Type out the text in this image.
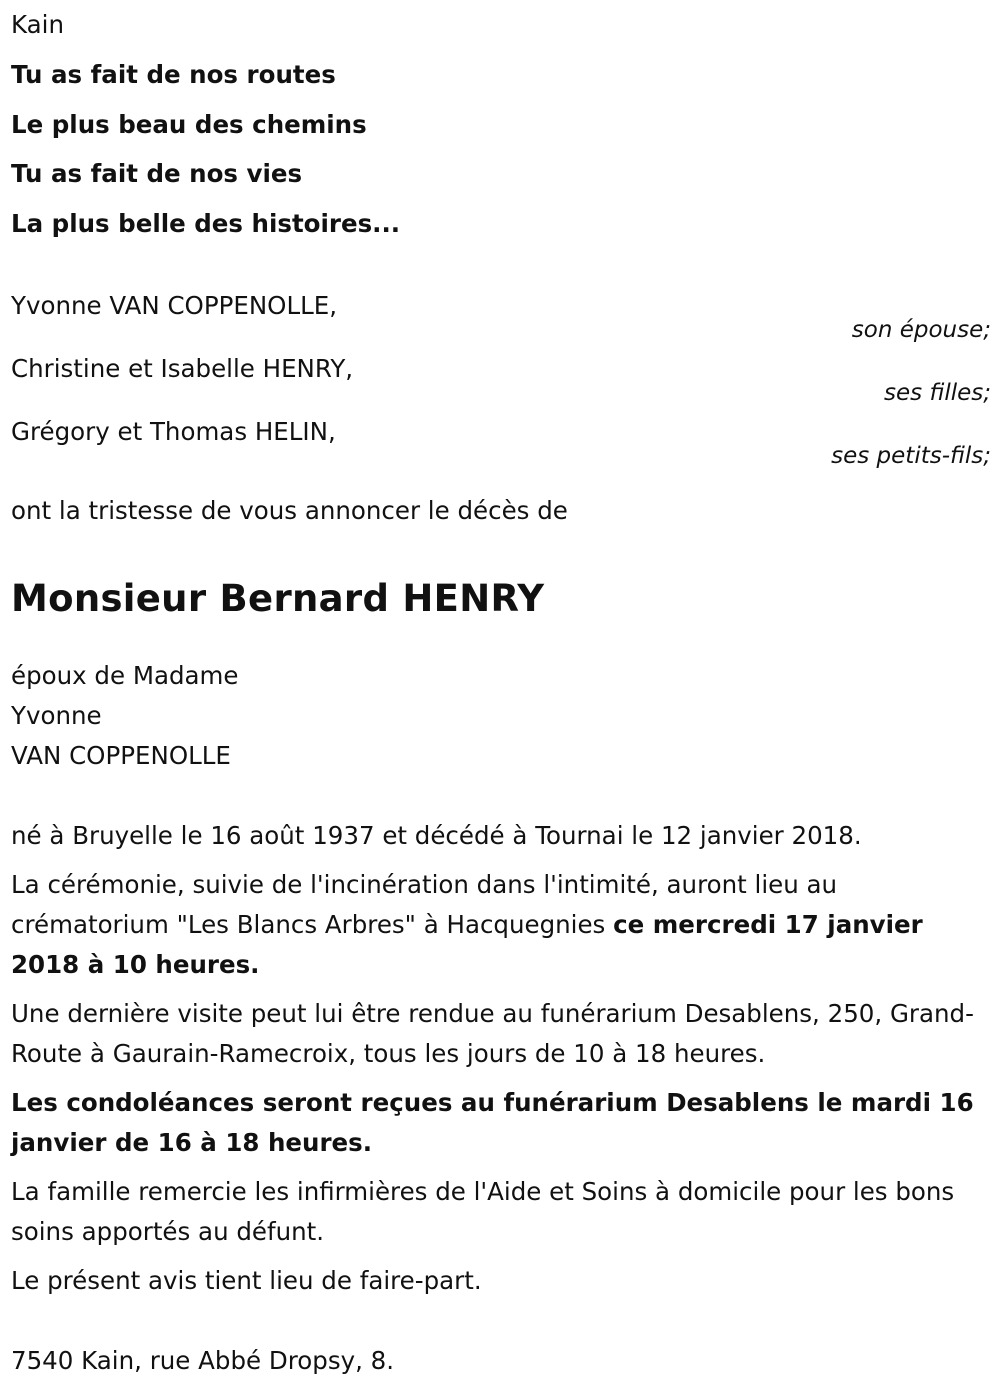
Kain
Tu as fait de nos routes
Le plus beau des chemins
Tu as fait de nos vies
La plus belle des histoires...
Yvonne VAN COPPENOLLE,
son épouse;
Christine et Isabelle HENRY,
ses filles;
Grégory et Thomas HELIN,
ses petits-fils;
ont la tristesse de vous annoncer le décès de
Monsieur Bernard HENRY
époux de Madame
Yvonne
VAN COPPENOLLE
né à Bruyelle le 16 août 1937 et décédé à Tournai le 12 janvier 2018.
La cérémonie, suivie de l'incinération dans l'intimité, auront lieu au crématorium "Les Blancs Arbres" à Hacquegnies ce mercredi 17 janvier 2018 à 10 heures.
Une dernière visite peut lui être rendue au funérarium Desablens, 250, Grand-Route à Gaurain-Ramecroix, tous les jours de 10 à 18 heures.
Les condoléances seront reçues au funérarium Desablens le mardi 16 janvier de 16 à 18 heures.
La famille remercie les infirmières de l'Aide et Soins à domicile pour les bons soins apportés au défunt.
Le présent avis tient lieu de faire-part.
7540 Kain, rue Abbé Dropsy, 8.
